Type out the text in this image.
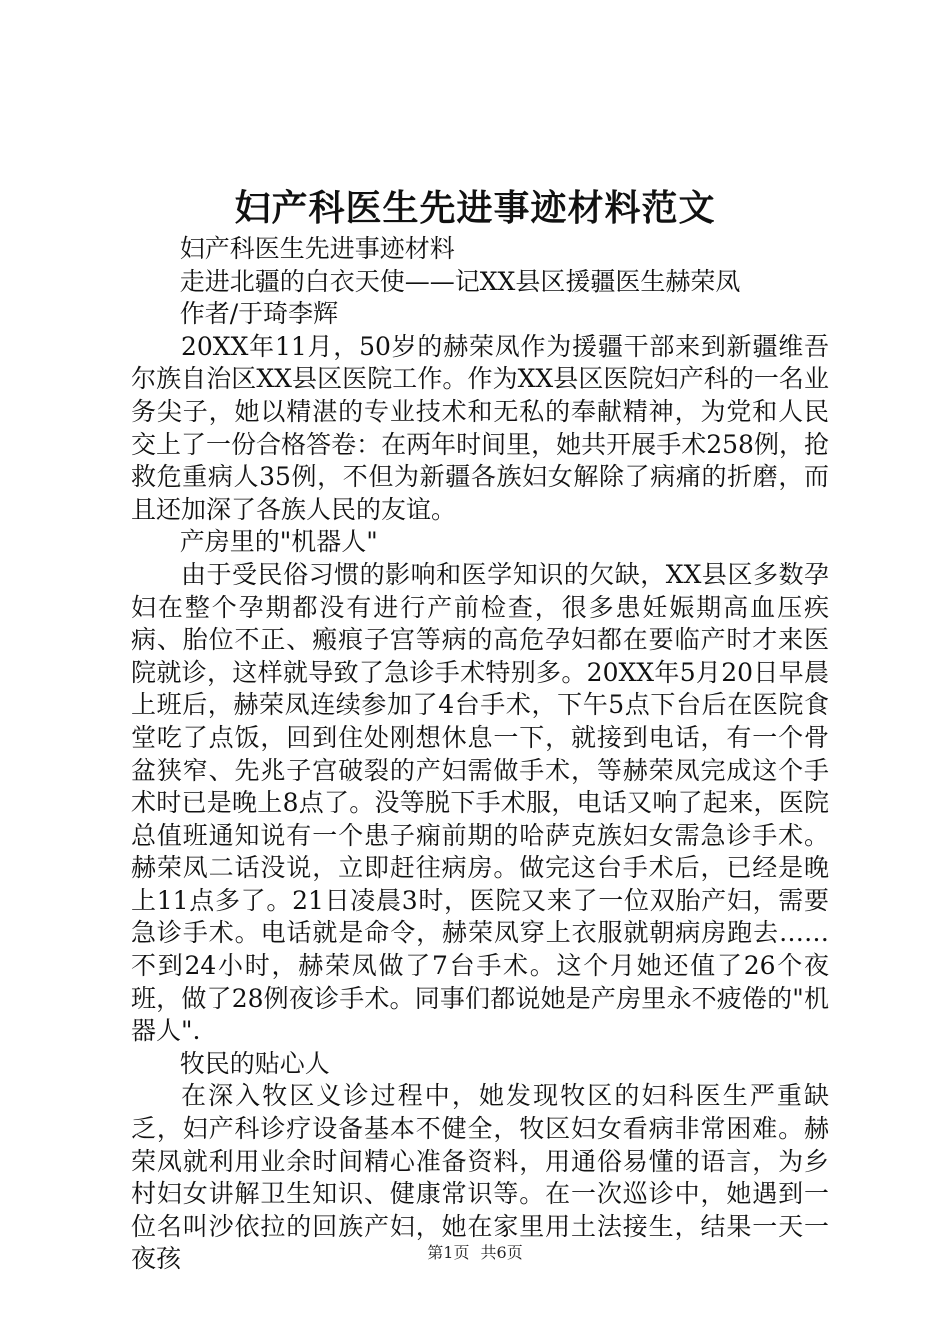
妇产科医生先进事迹材料范文

妇产科医生先进事迹材料

走进北疆的白衣天使——记XX县区援疆医生赫荣凤

作者/于琦李辉

20XX年11月，50岁的赫荣凤作为援疆干部来到新疆维吾尔族自治区XX县区医院工作。作为XX县区医院妇产科的一名业务尖子，她以精湛的专业技术和无私的奉献精神，为党和人民交上了一份合格答卷：在两年时间里，她共开展手术258例，抢救危重病人35例，不但为新疆各族妇女解除了病痛的折磨，而且还加深了各族人民的友谊。

产房里的"机器人"

由于受民俗习惯的影响和医学知识的欠缺，XX县区多数孕妇在整个孕期都没有进行产前检查，很多患妊娠期高血压疾病、胎位不正、瘢痕子宫等病的高危孕妇都在要临产时才来医院就诊，这样就导致了急诊手术特别多。20XX年5月20日早晨上班后，赫荣凤连续参加了4台手术，下午5点下台后在医院食堂吃了点饭，回到住处刚想休息一下，就接到电话，有一个骨盆狭窄、先兆子宫破裂的产妇需做手术，等赫荣凤完成这个手术时已是晚上8点了。没等脱下手术服，电话又响了起来，医院总值班通知说有一个患子痫前期的哈萨克族妇女需急诊手术。赫荣凤二话没说，立即赶往病房。做完这台手术后，已经是晚上11点多了。21日凌晨3时，医院又来了一位双胎产妇，需要急诊手术。电话就是命令，赫荣凤穿上衣服就朝病房跑去……不到24小时，赫荣凤做了7台手术。这个月她还值了26个夜班，做了28例夜诊手术。同事们都说她是产房里永不疲倦的"机器人".

牧民的贴心人

在深入牧区义诊过程中，她发现牧区的妇科医生严重缺乏，妇产科诊疗设备基本不健全，牧区妇女看病非常困难。赫荣凤就利用业余时间精心准备资料，用通俗易懂的语言，为乡村妇女讲解卫生知识、健康常识等。在一次巡诊中，她遇到一位名叫沙依拉的回族产妇，她在家里用土法接生，结果一天一夜孩	第1页 共6页
